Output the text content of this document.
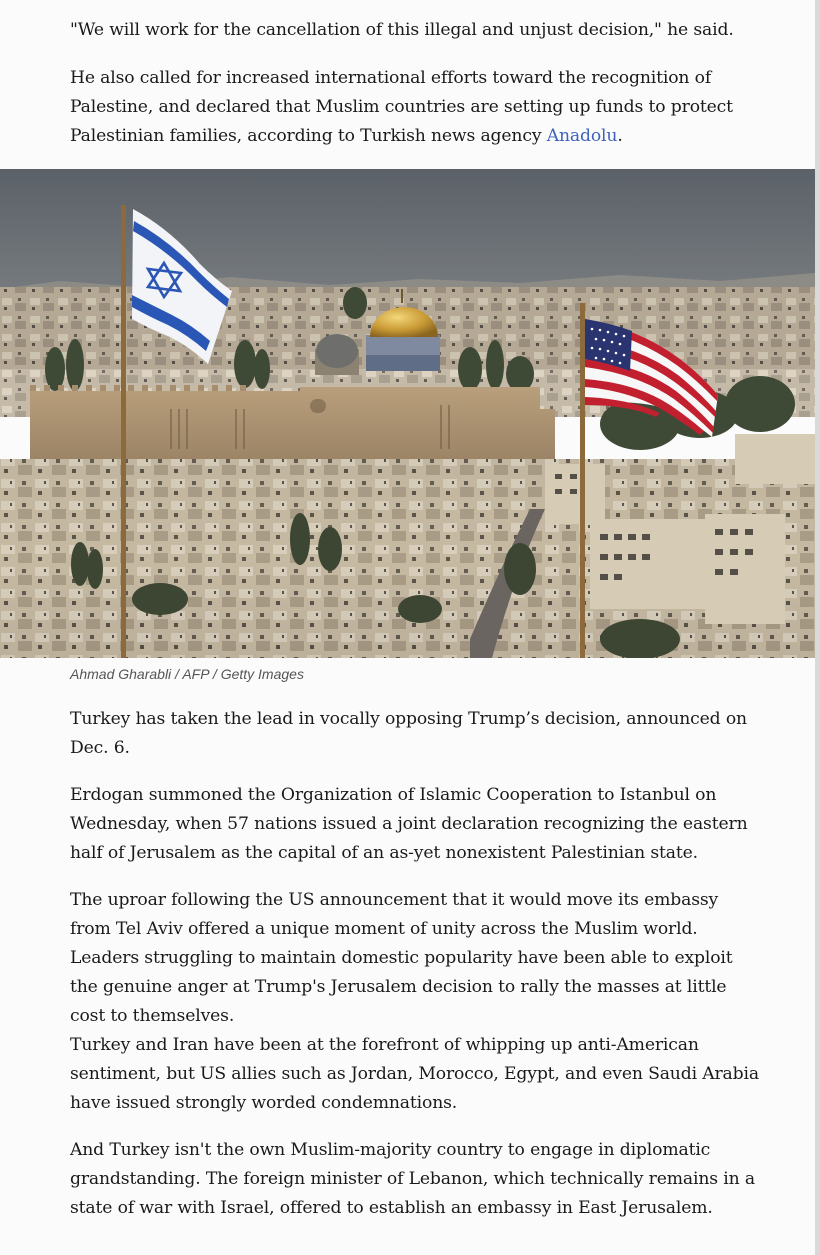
"We will work for the cancellation of this illegal and unjust decision," he said.

He also called for increased international efforts toward the recognition of Palestine, and declared that Muslim countries are setting up funds to protect Palestinian families, according to Turkish news agency Anadolu.

Ahmad Gharabli / AFP / Getty Images

Turkey has taken the lead in vocally opposing Trump’s decision, announced on Dec. 6.

Erdogan summoned the Organization of Islamic Cooperation to Istanbul on Wednesday, when 57 nations issued a joint declaration recognizing the eastern half of Jerusalem as the capital of an as-yet nonexistent Palestinian state.

The uproar following the US announcement that it would move its embassy from Tel Aviv offered a unique moment of unity across the Muslim world. Leaders struggling to maintain domestic popularity have been able to exploit the genuine anger at Trump's Jerusalem decision to rally the masses at little cost to themselves.

Turkey and Iran have been at the forefront of whipping up anti-American sentiment, but US allies such as Jordan, Morocco, Egypt, and even Saudi Arabia have issued strongly worded condemnations.

And Turkey isn't the own Muslim-majority country to engage in diplomatic grandstanding. The foreign minister of Lebanon, which technically remains in a state of war with Israel, offered to establish an embassy in East Jerusalem.
